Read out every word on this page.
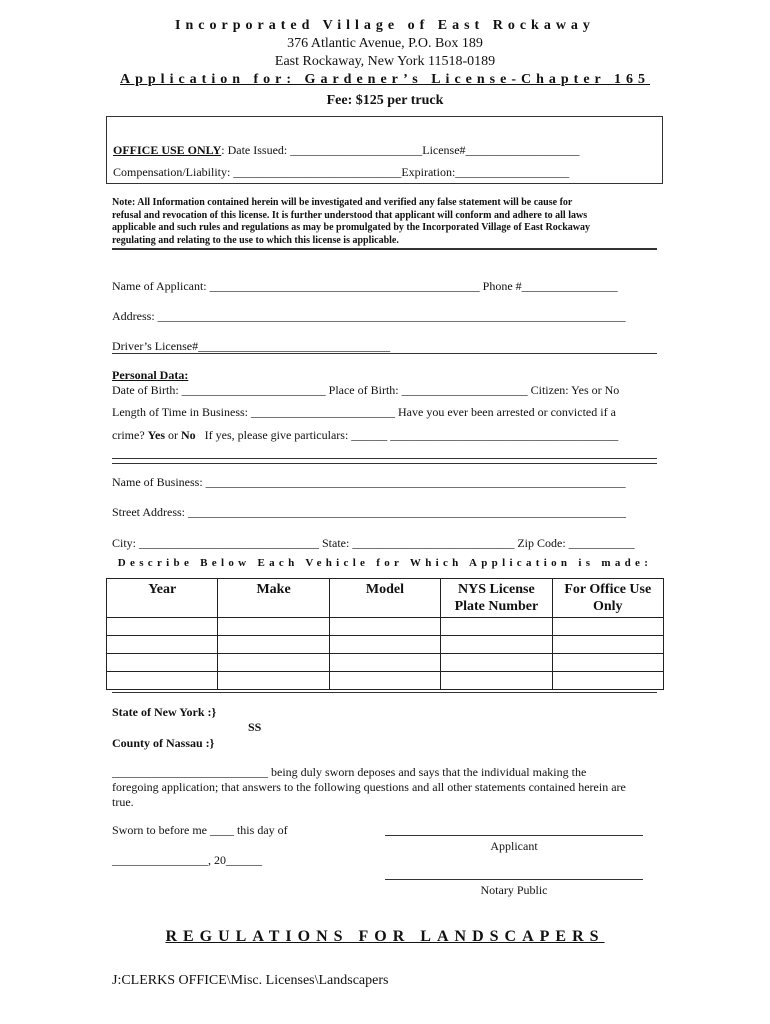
Incorporated Village of East Rockaway
376 Atlantic Avenue, P.O. Box 189
East Rockaway, New York 11518-0189
Application for: Gardener’s License-Chapter 165
Fee: $125 per truck
OFFICE USE ONLY: Date Issued: ______________________License#___________________
Compensation/Liability: ____________________________Expiration:___________________
Note: All Information contained herein will be investigated and verified any false statement will be cause for
refusal and revocation of this license. It is further understood that applicant will conform and adhere to all laws
applicable and such rules and regulations as may be promulgated by the Incorporated Village of East Rockaway
regulating and relating to the use to which this license is applicable.
Name of Applicant: _____________________________________________ Phone #________________
Address: ______________________________________________________________________________
Driver’s License#________________________________
Personal Data:
Date of Birth: ________________________ Place of Birth: _____________________ Citizen: Yes or No
Length of Time in Business: ________________________ Have you ever been arrested or convicted if a
crime? Yes or No If yes, please give particulars: ______ ______________________________________
Name of Business: ______________________________________________________________________
Street Address: _________________________________________________________________________
City: ______________________________ State: ___________________________ Zip Code: ___________
Describe Below Each Vehicle for Which Application is made:
Year	Make	Model	NYS License Plate Number	For Office Use Only

State of New York :}
SS
County of Nassau :}
__________________________ being duly sworn deposes and says that the individual making the
foregoing application; that answers to the following questions and all other statements contained herein are
true.
Sworn to before me ____ this day of
Applicant
________________, 20______
Notary Public
REGULATIONS FOR LANDSCAPERS
J:CLERKS OFFICE\Misc. Licenses\Landscapers
